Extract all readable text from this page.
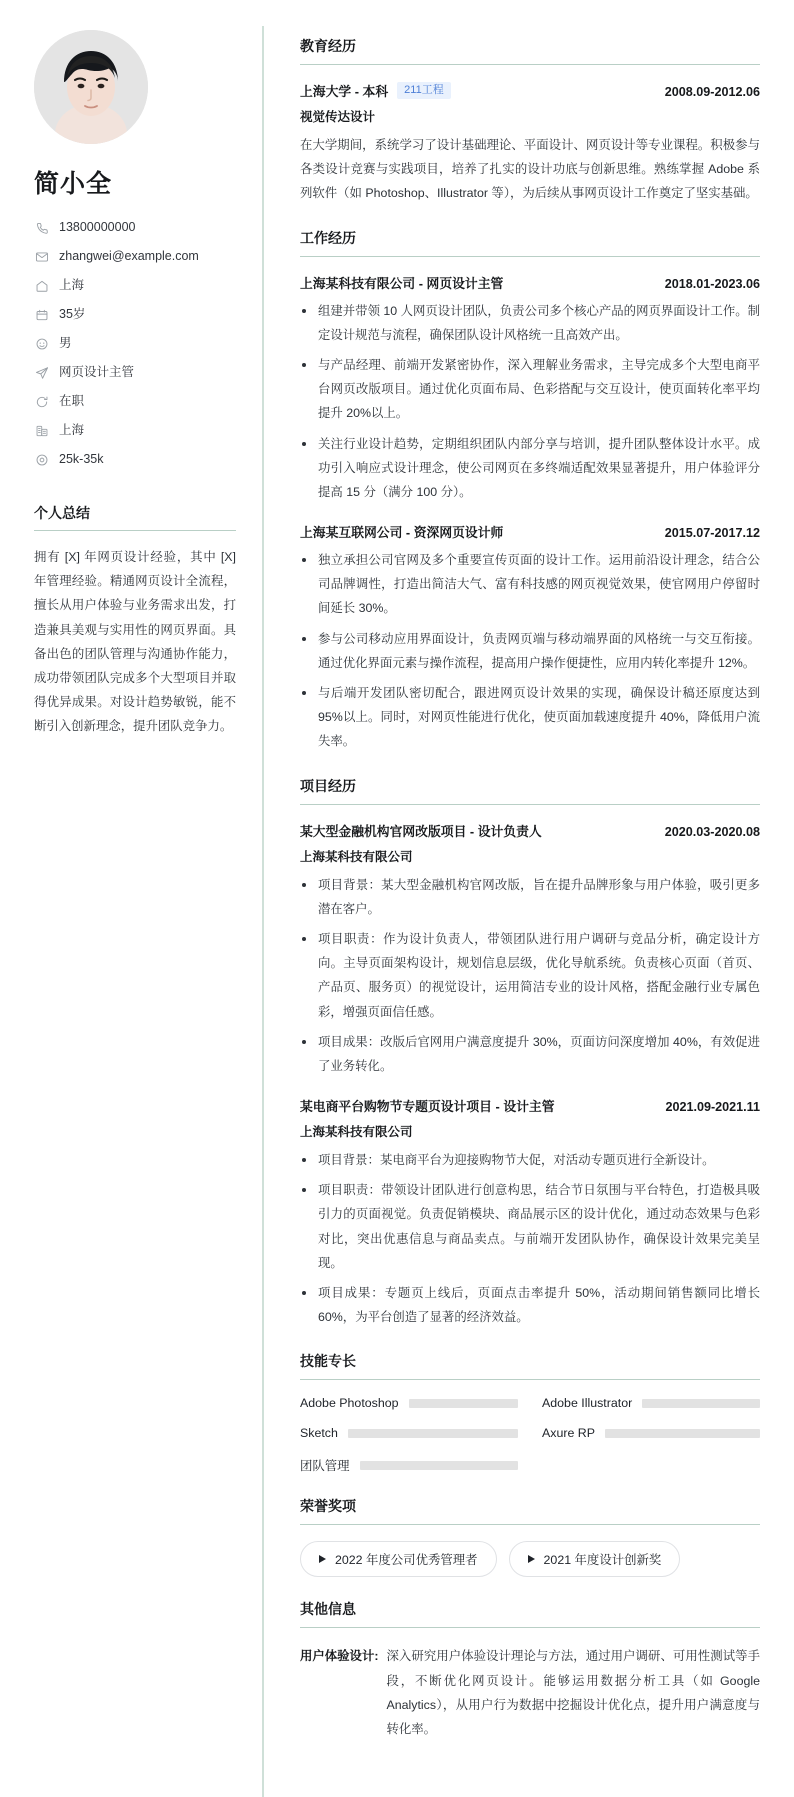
简小全
13800000000
zhangwei@example.com
上海
35岁
男
网页设计主管
在职
上海
25k-35k
个人总结
拥有 [X] 年网页设计经验，其中 [X] 年管理经验。精通网页设计全流程，擅长从用户体验与业务需求出发，打造兼具美观与实用性的网页界面。具备出色的团队管理与沟通协作能力，成功带领团队完成多个大型项目并取得优异成果。对设计趋势敏锐，能不断引入创新理念，提升团队竞争力。
教育经历
上海大学 - 本科	211工程	2008.09-2012.06
视觉传达设计
在大学期间，系统学习了设计基础理论、平面设计、网页设计等专业课程。积极参与各类设计竞赛与实践项目，培养了扎实的设计功底与创新思维。熟练掌握 Adobe 系列软件（如 Photoshop、Illustrator 等），为后续从事网页设计工作奠定了坚实基础。
工作经历
上海某科技有限公司 - 网页设计主管	2018.01-2023.06
组建并带领 10 人网页设计团队，负责公司多个核心产品的网页界面设计工作。制定设计规范与流程，确保团队设计风格统一且高效产出。
与产品经理、前端开发紧密协作，深入理解业务需求，主导完成多个大型电商平台网页改版项目。通过优化页面布局、色彩搭配与交互设计，使页面转化率平均提升 20%以上。
关注行业设计趋势，定期组织团队内部分享与培训，提升团队整体设计水平。成功引入响应式设计理念，使公司网页在多终端适配效果显著提升，用户体验评分提高 15 分（满分 100 分）。
上海某互联网公司 - 资深网页设计师	2015.07-2017.12
独立承担公司官网及多个重要宣传页面的设计工作。运用前沿设计理念，结合公司品牌调性，打造出简洁大气、富有科技感的网页视觉效果，使官网用户停留时间延长 30%。
参与公司移动应用界面设计，负责网页端与移动端界面的风格统一与交互衔接。通过优化界面元素与操作流程，提高用户操作便捷性，应用内转化率提升 12%。
与后端开发团队密切配合，跟进网页设计效果的实现，确保设计稿还原度达到 95%以上。同时，对网页性能进行优化，使页面加载速度提升 40%，降低用户流失率。
项目经历
某大型金融机构官网改版项目 - 设计负责人	2020.03-2020.08
上海某科技有限公司
项目背景：某大型金融机构官网改版，旨在提升品牌形象与用户体验，吸引更多潜在客户。
项目职责：作为设计负责人，带领团队进行用户调研与竞品分析，确定设计方向。主导页面架构设计，规划信息层级，优化导航系统。负责核心页面（首页、产品页、服务页）的视觉设计，运用简洁专业的设计风格，搭配金融行业专属色彩，增强页面信任感。
项目成果：改版后官网用户满意度提升 30%，页面访问深度增加 40%，有效促进了业务转化。
某电商平台购物节专题页设计项目 - 设计主管	2021.09-2021.11
上海某科技有限公司
项目背景：某电商平台为迎接购物节大促，对活动专题页进行全新设计。
项目职责：带领设计团队进行创意构思，结合节日氛围与平台特色，打造极具吸引力的页面视觉。负责促销模块、商品展示区的设计优化，通过动态效果与色彩对比，突出优惠信息与商品卖点。与前端开发团队协作，确保设计效果完美呈现。
项目成果：专题页上线后，页面点击率提升 50%，活动期间销售额同比增长 60%，为平台创造了显著的经济效益。
技能专长
Adobe Photoshop	Adobe Illustrator
Sketch	Axure RP
团队管理
荣誉奖项
2022 年度公司优秀管理者	2021 年度设计创新奖
其他信息
用户体验设计: 深入研究用户体验设计理论与方法，通过用户调研、可用性测试等手段，不断优化网页设计。能够运用数据分析工具（如 Google Analytics），从用户行为数据中挖掘设计优化点，提升用户满意度与转化率。
